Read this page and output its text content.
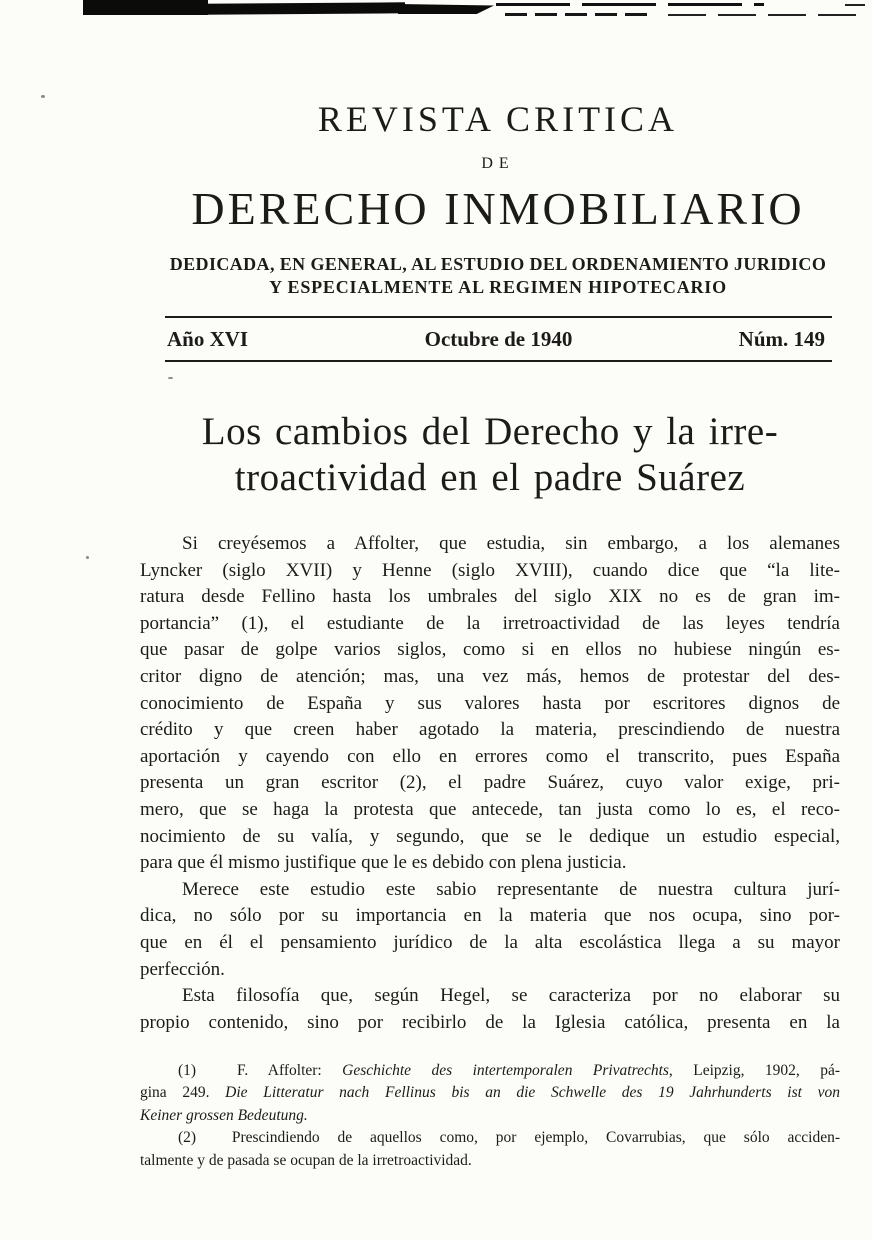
REVISTA CRITICA
DE
DERECHO INMOBILIARIO
DEDICADA, EN GENERAL, AL ESTUDIO DEL ORDENAMIENTO JURIDICO
Y ESPECIALMENTE AL REGIMEN HIPOTECARIO
Año XVI	Octubre de 1940	Núm. 149
Los cambios del Derecho y la irre-
troactividad en el padre Suárez
Si creyésemos a Affolter, que estudia, sin embargo, a los alemanes
Lyncker (siglo XVII) y Henne (siglo XVIII), cuando dice que “la lite-
ratura desde Fellino hasta los umbrales del siglo XIX no es de gran im-
portancia” (1), el estudiante de la irretroactividad de las leyes tendría
que pasar de golpe varios siglos, como si en ellos no hubiese ningún es-
critor digno de atención; mas, una vez más, hemos de protestar del des-
conocimiento de España y sus valores hasta por escritores dignos de
crédito y que creen haber agotado la materia, prescindiendo de nuestra
aportación y cayendo con ello en errores como el transcrito, pues España
presenta un gran escritor (2), el padre Suárez, cuyo valor exige, pri-
mero, que se haga la protesta que antecede, tan justa como lo es, el reco-
nocimiento de su valía, y segundo, que se le dedique un estudio especial,
para que él mismo justifique que le es debido con plena justicia.
Merece este estudio este sabio representante de nuestra cultura jurí-
dica, no sólo por su importancia en la materia que nos ocupa, sino por-
que en él el pensamiento jurídico de la alta escolástica llega a su mayor
perfección.
Esta filosofía que, según Hegel, se caracteriza por no elaborar su
propio contenido, sino por recibirlo de la Iglesia católica, presenta en la
(1)  F. Affolter: Geschichte des intertemporalen Privatrechts, Leipzig, 1902, pá-
gina 249. Die Litteratur nach Fellinus bis an die Schwelle des 19 Jahrhunderts ist von
Keiner grossen Bedeutung.
(2)  Prescindiendo de aquellos como, por ejemplo, Covarrubias, que sólo acciden-
talmente y de pasada se ocupan de la irretroactividad.
